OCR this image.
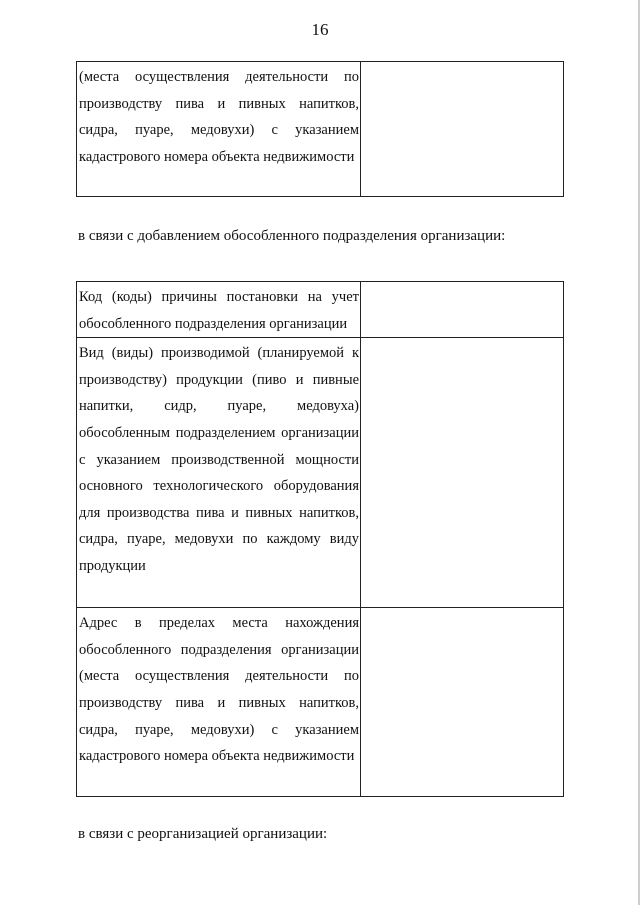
16
(места осуществления деятельности по производству пива и пивных напитков, сидра, пуаре, медовухи) с указанием кадастрового номера объекта недвижимости

в связи с добавлением обособленного подразделения организации:
Код (коды) причины постановки на учет обособленного подразделения организации	

Вид (виды) производимой (планируемой к производству) продукции (пиво и пивные напитки, сидр, пуаре, медовуха) обособленным подразделением организации с указанием производственной мощности основного технологического оборудования для производства пива и пивных напитков, сидра, пуаре, медовухи по каждому виду продукции	

Адрес в пределах места нахождения обособленного подразделения организации (места осуществления деятельности по производству пива и пивных напитков, сидра, пуаре, медовухи) с указанием кадастрового номера объекта недвижимости	

в связи с реорганизацией организации:
